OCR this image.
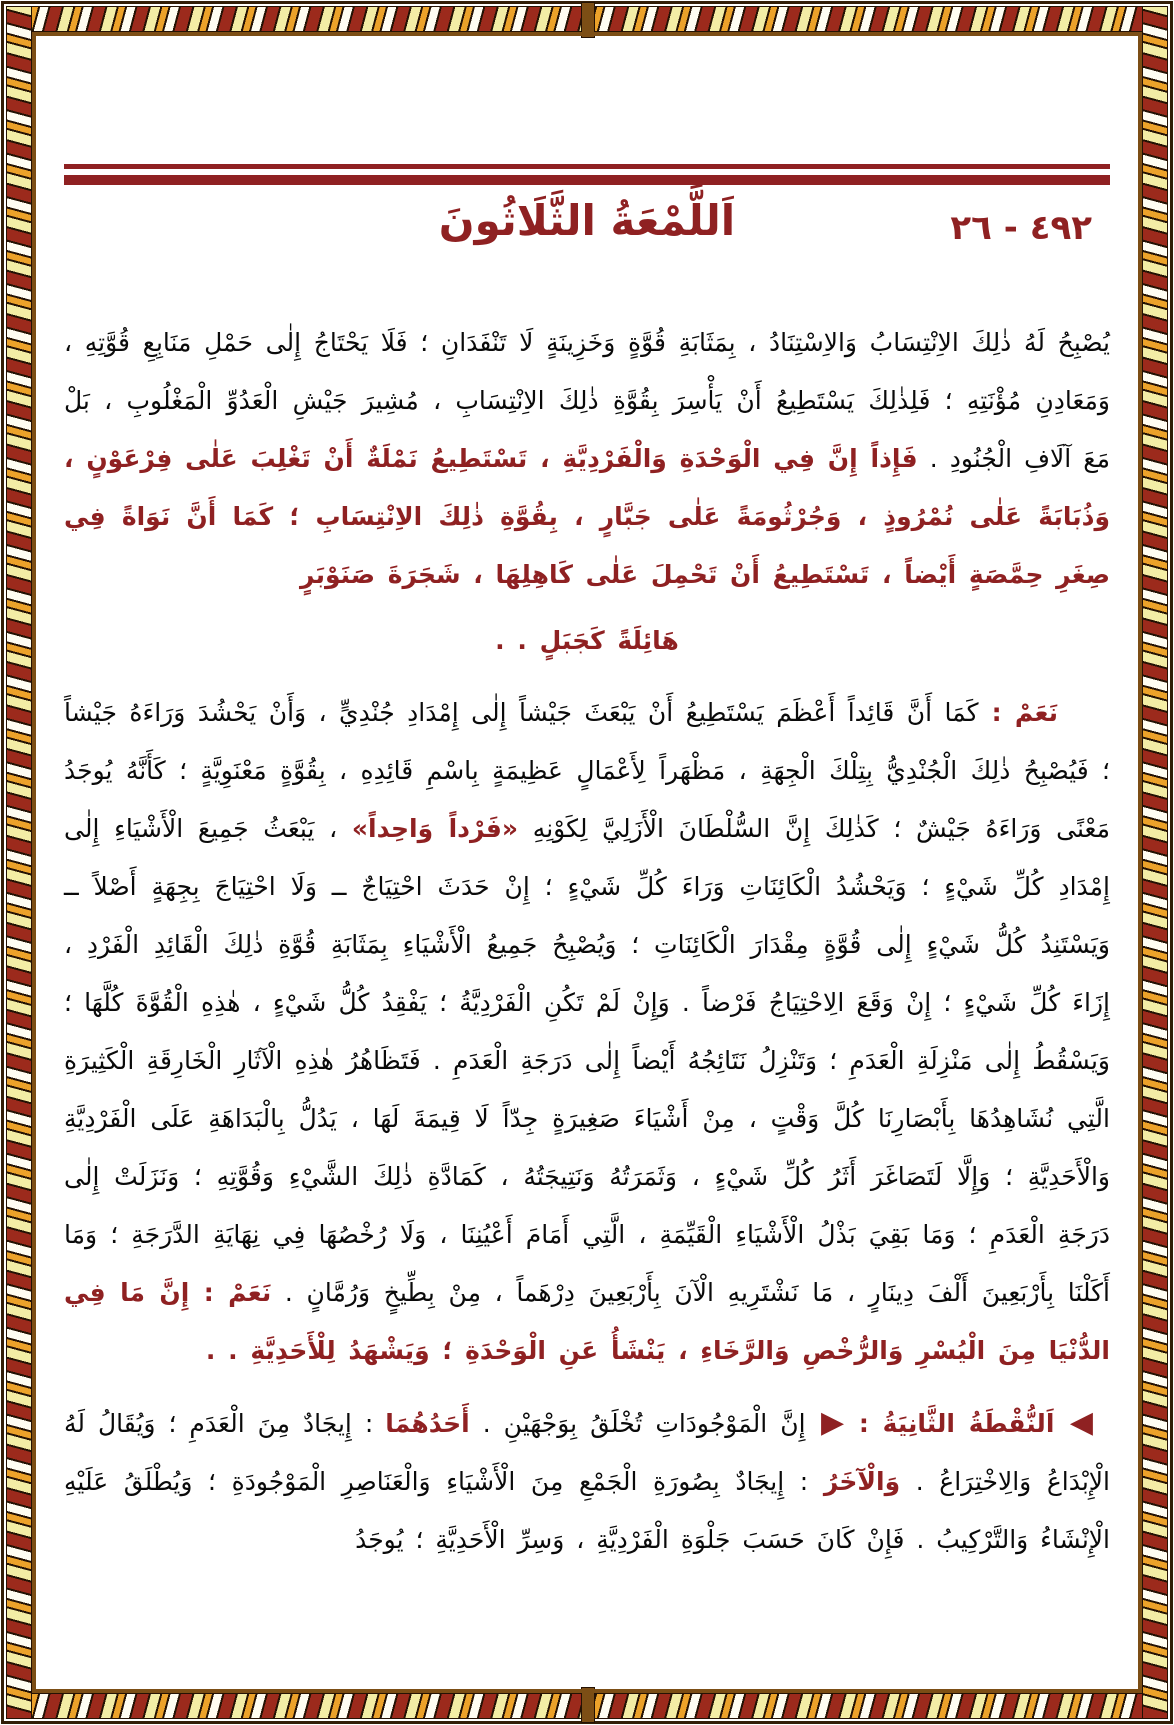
اَللَّمْعَةُ الثَّلَاثُونَ	٤٩٢ - ٢٦

يُصْبِحُ لَهُ ذٰلِكَ الاِنْتِسَابُ وَالاِسْتِنَادُ ، بِمَثَابَةِ قُوَّةٍ وَخَزِينَةٍ لَا تَنْفَدَانِ ؛ فَلَا يَحْتَاجُ إِلٰى حَمْلِ مَنَابِعِ قُوَّتِهِ ، وَمَعَادِنِ مُؤْنَتِهِ ؛ فَلِذٰلِكَ يَسْتَطِيعُ أَنْ يَأْسِرَ بِقُوَّةِ ذٰلِكَ الاِنْتِسَابِ ، مُشِيرَ جَيْشِ الْعَدُوِّ الْمَغْلُوبِ ، بَلْ مَعَ آلَافِ الْجُنُودِ . فَإِذاً إِنَّ فِي الْوَحْدَةِ وَالْفَرْدِيَّةِ ، تَسْتَطِيعُ نَمْلَةٌ أَنْ تَغْلِبَ عَلٰى فِرْعَوْنٍ ، وَذُبَابَةً عَلٰى نُمْرُوذٍ ، وَجُرْثُومَةً عَلٰى جَبَّارٍ ، بِقُوَّةِ ذٰلِكَ الاِنْتِسَابِ ؛ كَمَا أَنَّ نَوَاةً فِي صِغَرِ حِمَّصَةٍ أَيْضاً ، تَسْتَطِيعُ أَنْ تَحْمِلَ عَلٰى كَاهِلِهَا ، شَجَرَةَ صَنَوْبَرٍ

هَائِلَةً كَجَبَلٍ . .

نَعَمْ : كَمَا أَنَّ قَائِداً أَعْظَمَ يَسْتَطِيعُ أَنْ يَبْعَثَ جَيْشاً إِلٰى إِمْدَادِ جُنْدِيٍّ ، وَأَنْ يَحْشُدَ وَرَاءَهُ جَيْشاً ؛ فَيُصْبِحُ ذٰلِكَ الْجُنْدِيُّ بِتِلْكَ الْجِهَةِ ، مَظْهَراً لِأَعْمَالٍ عَظِيمَةٍ بِاسْمِ قَائِدِهِ ، بِقُوَّةٍ مَعْنَوِيَّةٍ ؛ كَأَنَّهُ يُوجَدُ مَعْنًى وَرَاءَهُ جَيْشٌ ؛ كَذٰلِكَ إِنَّ السُّلْطَانَ الْأَزَلِيَّ لِكَوْنِهِ «فَرْداً وَاحِداً» ، يَبْعَثُ جَمِيعَ الْأَشْيَاءِ إِلٰى إِمْدَادِ كُلِّ شَيْءٍ ؛ وَيَحْشُدُ الْكَائِنَاتِ وَرَاءَ كُلِّ شَيْءٍ ؛ إِنْ حَدَثَ احْتِيَاجٌ ــ وَلَا احْتِيَاجَ بِجِهَةٍ أَصْلاً ــ وَيَسْتَنِدُ كُلُّ شَيْءٍ إِلٰى قُوَّةٍ مِقْدَارَ الْكَائِنَاتِ ؛ وَيُصْبِحُ جَمِيعُ الْأَشْيَاءِ بِمَثَابَةِ قُوَّةِ ذٰلِكَ الْقَائِدِ الْفَرْدِ ، إِزَاءَ كُلِّ شَيْءٍ ؛ إِنْ وَقَعَ الِاحْتِيَاجُ فَرْضاً . وَإِنْ لَمْ تَكُنِ الْفَرْدِيَّةُ ؛ يَفْقِدُ كُلُّ شَيْءٍ ، هٰذِهِ الْقُوَّةَ كُلَّهَا ؛ وَيَسْقُطُ إِلٰى مَنْزِلَةِ الْعَدَمِ ؛ وَتَنْزِلُ نَتَائِجُهُ أَيْضاً إِلٰى دَرَجَةِ الْعَدَمِ . فَتَظَاهُرُ هٰذِهِ الْآثَارِ الْخَارِقَةِ الْكَثِيرَةِ الَّتِي نُشَاهِدُهَا بِأَبْصَارِنَا كُلَّ وَقْتٍ ، مِنْ أَشْيَاءَ صَغِيرَةٍ جِدّاً لَا قِيمَةَ لَهَا ، يَدُلُّ بِالْبَدَاهَةِ عَلَى الْفَرْدِيَّةِ وَالْأَحَدِيَّةِ ؛ وَإِلَّا لَتَصَاغَرَ أَثَرُ كُلِّ شَيْءٍ ، وَثَمَرَتُهُ وَنَتِيجَتُهُ ، كَمَادَّةِ ذٰلِكَ الشَّيْءِ وَقُوَّتِهِ ؛ وَنَزَلَتْ إِلٰى دَرَجَةِ الْعَدَمِ ؛ وَمَا بَقِيَ بَذْلُ الْأَشْيَاءِ الْقَيِّمَةِ ، الَّتِي أَمَامَ أَعْيُنِنَا ، وَلَا رُخْصُهَا فِي نِهَايَةِ الدَّرَجَةِ ؛ وَمَا أَكَلْنَا بِأَرْبَعِينَ أَلْفَ دِينَارٍ ، مَا نَشْتَرِيهِ الْآنَ بِأَرْبَعِينَ دِرْهَماً ، مِنْ بِطِّيخٍ وَرُمَّانٍ . نَعَمْ : إِنَّ مَا فِي الدُّنْيَا مِنَ الْيُسْرِ وَالرُّخْصِ وَالرَّخَاءِ ، يَنْشَأُ عَنِ الْوَحْدَةِ ؛ وَيَشْهَدُ لِلْأَحَدِيَّةِ . .

◀ اَلنُّقْطَةُ الثَّانِيَةُ : ▶ إِنَّ الْمَوْجُودَاتِ تُخْلَقُ بِوَجْهَيْنِ . أَحَدُهُمَا : إِيجَادٌ مِنَ الْعَدَمِ ؛ وَيُقَالُ لَهُ الْإِبْدَاعُ وَالِاخْتِرَاعُ . وَالْآخَرُ : إِيجَادٌ بِصُورَةِ الْجَمْعِ مِنَ الْأَشْيَاءِ وَالْعَنَاصِرِ الْمَوْجُودَةِ ؛ وَيُطْلَقُ عَلَيْهِ الْإِنْشَاءُ وَالتَّرْكِيبُ . فَإِنْ كَانَ حَسَبَ جَلْوَةِ الْفَرْدِيَّةِ ، وَسِرِّ الْأَحَدِيَّةِ ؛ يُوجَدُ
